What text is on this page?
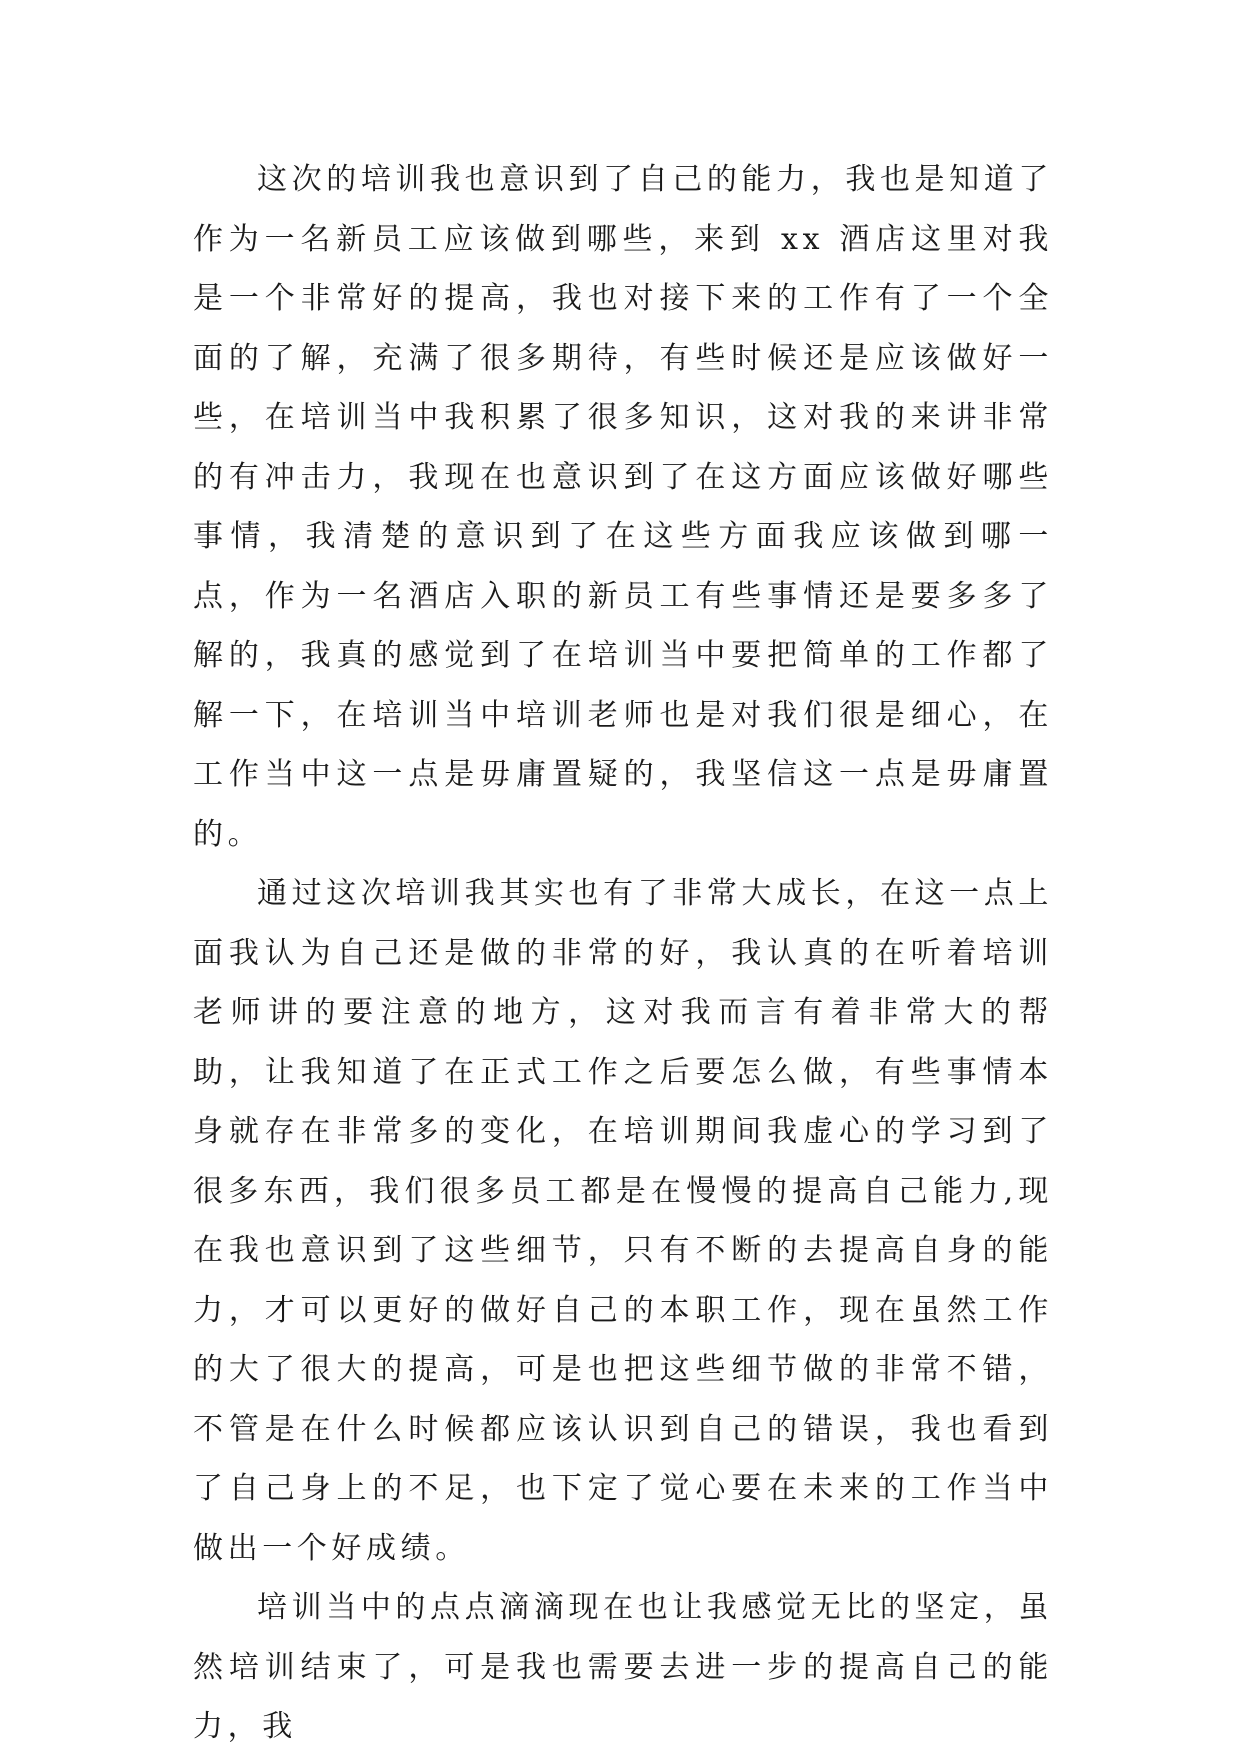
这次的培训我也意识到了自己的能力，我也是知道了作为一名新员工应该做到哪些，来到 xx 酒店这里对我是一个非常好的提高，我也对接下来的工作有了一个全面的了解，充满了很多期待，有些时候还是应该做好一些，在培训当中我积累了很多知识，这对我的来讲非常的有冲击力，我现在也意识到了在这方面应该做好哪些事情，我清楚的意识到了在这些方面我应该做到哪一点，作为一名酒店入职的新员工有些事情还是要多多了解的，我真的感觉到了在培训当中要把简单的工作都了解一下，在培训当中培训老师也是对我们很是细心，在工作当中这一点是毋庸置疑的，我坚信这一点是毋庸置的。

通过这次培训我其实也有了非常大成长，在这一点上面我认为自己还是做的非常的好，我认真的在听着培训老师讲的要注意的地方，这对我而言有着非常大的帮助，让我知道了在正式工作之后要怎么做，有些事情本身就存在非常多的变化，在培训期间我虚心的学习到了很多东西，我们很多员工都是在慢慢的提高自己能力,现在我也意识到了这些细节，只有不断的去提高自身的能力，才可以更好的做好自己的本职工作，现在虽然工作的大了很大的提高，可是也把这些细节做的非常不错，不管是在什么时候都应该认识到自己的错误，我也看到了自己身上的不足，也下定了觉心要在未来的工作当中做出一个好成绩。

培训当中的点点滴滴现在也让我感觉无比的坚定，虽然培训结束了，可是我也需要去进一步的提高自己的能力，我
